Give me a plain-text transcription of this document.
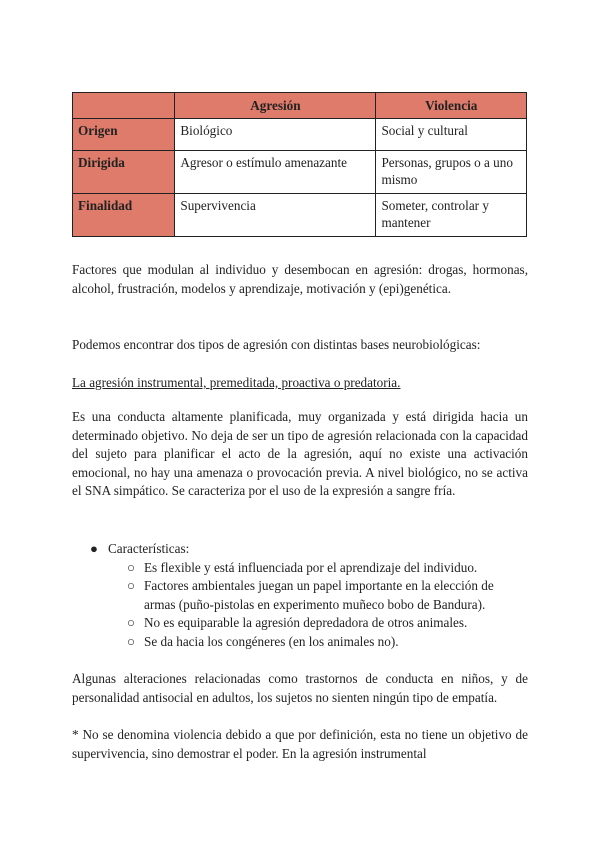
	Agresión	Violencia
Origen	Biológico	Social y cultural
Dirigida	Agresor o estímulo amenazante	Personas, grupos o a uno mismo
Finalidad	Supervivencia	Someter, controlar y mantener

Factores que modulan al individuo y desembocan en agresión: drogas, hormonas, alcohol, frustración, modelos y aprendizaje, motivación y (epi)genética.

Podemos encontrar dos tipos de agresión con distintas bases neurobiológicas:

La agresión instrumental, premeditada, proactiva o predatoria.

Es una conducta altamente planificada, muy organizada y está dirigida hacia un determinado objetivo. No deja de ser un tipo de agresión relacionada con la capacidad del sujeto para planificar el acto de la agresión, aquí no existe una activación emocional, no hay una amenaza o provocación previa. A nivel biológico, no se activa el SNA simpático. Se caracteriza por el uso de la expresión a sangre fría.

● Características:
○ Es flexible y está influenciada por el aprendizaje del individuo.
○ Factores ambientales juegan un papel importante en la elección de armas (puño-pistolas en experimento muñeco bobo de Bandura).
○ No es equiparable la agresión depredadora de otros animales.
○ Se da hacia los congéneres (en los animales no).

Algunas alteraciones relacionadas como trastornos de conducta en niños, y de personalidad antisocial en adultos, los sujetos no sienten ningún tipo de empatía.

* No se denomina violencia debido a que por definición, esta no tiene un objetivo de supervivencia, sino demostrar el poder. En la agresión instrumental
